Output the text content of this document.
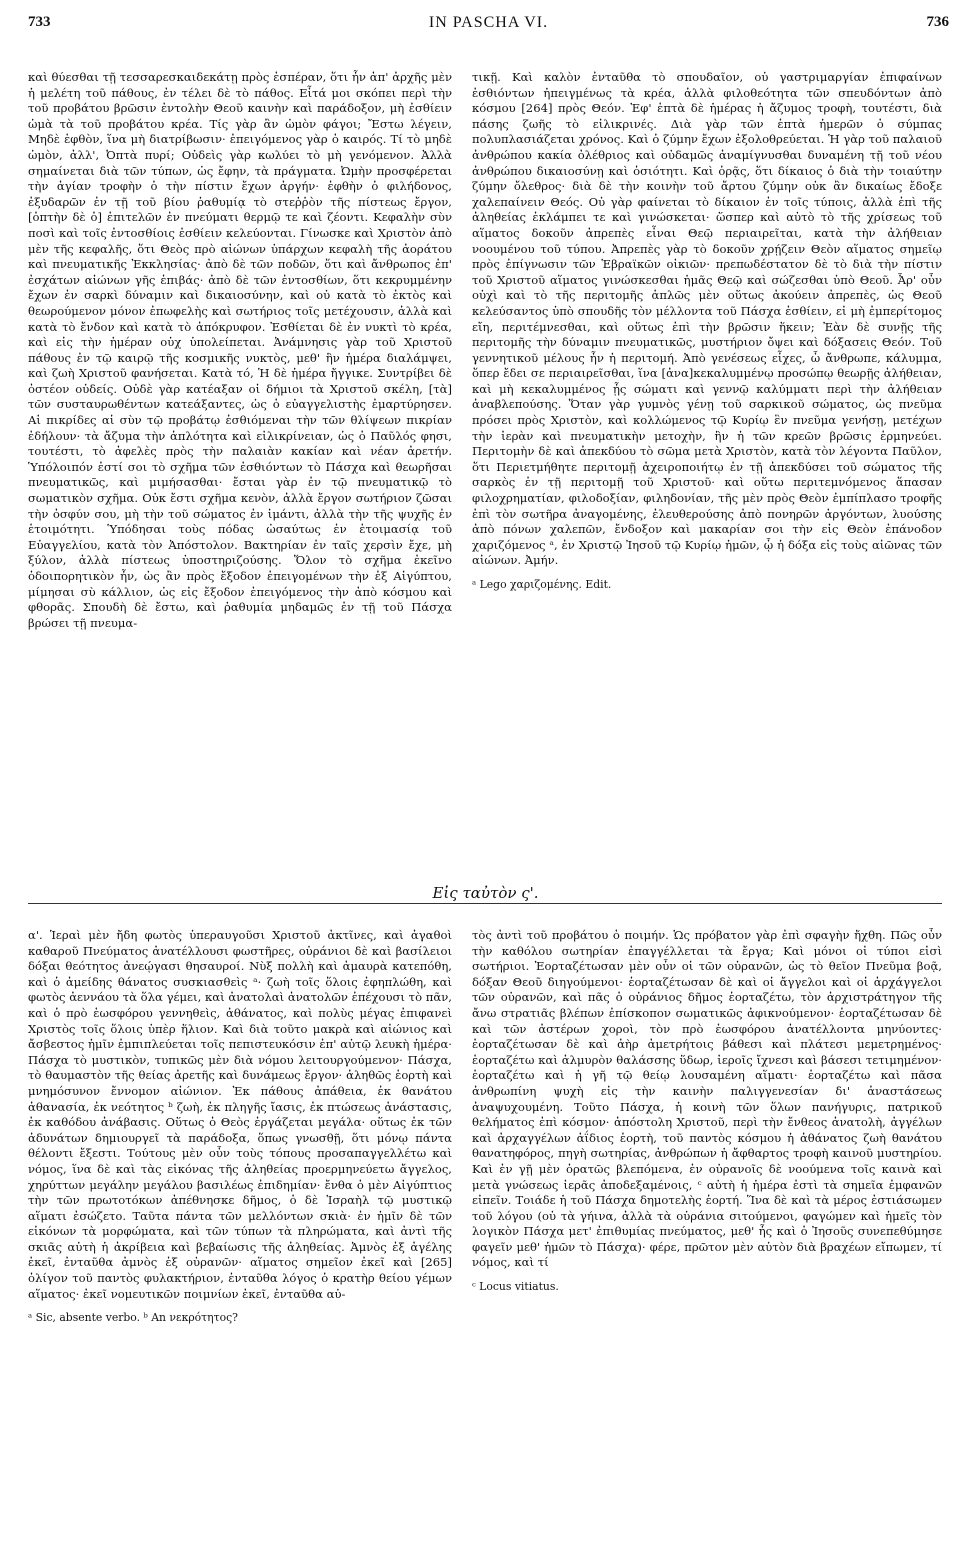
733	IN PASCHA VI.	736

καὶ θύεσθαι τῇ τεσσαρεσκαιδεκάτῃ πρὸς ἑσπέραν, ὅτι ἦν ἀπ' ἀρχῆς μὲν ἡ μελέτη τοῦ πάθους, ἐν τέλει δὲ τὸ πάθος. Εἶτά μοι σκόπει περὶ τὴν τοῦ προβάτου βρῶσιν ἐντολὴν Θεοῦ καινὴν καὶ παράδοξον, μὴ ἐσθίειν ὠμὰ τὰ τοῦ προβάτου κρέα. Τίς γὰρ ἂν ὠμὸν φάγοι; Ἔστω λέγειν, Μηδὲ ἑφθὸν, ἵνα μὴ διατρίβωσιν· ἐπειγόμενος γὰρ ὁ καιρός. Τί τὸ μηδὲ ὠμὸν, ἀλλ', Ὀπτὰ πυρί; Οὐδεὶς γὰρ κωλύει τὸ μὴ γενόμενον. Ἀλλὰ σημαίνεται διὰ τῶν τύπων, ὡς ἔφην, τὰ πράγματα. Ὠμὴν προσφέρεται τὴν ἁγίαν τροφὴν ὁ τὴν πίστιν ἔχων ἀργήν· ἑφθὴν ὁ φιλήδονος, ἐξυδαρῶν ἐν τῇ τοῦ βίου ῥαθυμίᾳ τὸ στεῤῥὸν τῆς πίστεως ἔργον, [ὀπτὴν δὲ ὁ] ἐπιτελῶν ἐν πνεύματι θερμῷ τε καὶ ζέοντι. Κεφαλὴν σὺν ποσὶ καὶ τοῖς ἐντοσθίοις ἐσθίειν κελεύονται. Γίνωσκε καὶ Χριστὸν ἀπὸ μὲν τῆς κεφαλῆς, ὅτι Θεὸς πρὸ αἰώνων ὑπάρχων κεφαλὴ τῆς ἀοράτου καὶ πνευματικῆς Ἐκκλησίας· ἀπὸ δὲ τῶν ποδῶν, ὅτι καὶ ἄνθρωπος ἐπ' ἐσχάτων αἰώνων γῆς ἐπιβάς· ἀπὸ δὲ τῶν ἐντοσθίων, ὅτι κεκρυμμένην ἔχων ἐν σαρκὶ δύναμιν καὶ δικαιοσύνην, καὶ οὐ κατὰ τὸ ἐκτὸς καὶ θεωρούμενον μόνον ἐπωφελὴς καὶ σωτήριος τοῖς μετέχουσιν, ἀλλὰ καὶ κατὰ τὸ ἔνδον καὶ κατὰ τὸ ἀπόκρυφον. Ἐσθίεται δὲ ἐν νυκτὶ τὸ κρέα, καὶ εἰς τὴν ἡμέραν οὐχ ὑπολείπεται. Ἀνάμνησις γὰρ τοῦ Χριστοῦ πάθους ἐν τῷ καιρῷ τῆς κοσμικῆς νυκτὸς, μεθ' ἣν ἡμέρα διαλάμψει, καὶ ζωὴ Χριστοῦ φανήσεται. Κατὰ τό, Ἡ δὲ ἡμέρα ἤγγικε. Συντρίβει δὲ ὀστέον οὐδείς. Οὐδὲ γὰρ κατέαξαν οἱ δήμιοι τὰ Χριστοῦ σκέλη, [τὰ] τῶν συσταυρωθέντων κατεάξαντες, ὡς ὁ εὐαγγελιστὴς ἐμαρτύρησεν. Αἱ πικρίδες αἱ σὺν τῷ προβάτῳ ἐσθιόμεναι τὴν τῶν θλίψεων πικρίαν ἐδήλουν· τὰ ἄζυμα τὴν ἁπλότητα καὶ εἰλικρίνειαν, ὡς ὁ Παῦλός φησι, τουτέστι, τὸ ἀφελὲς πρὸς τὴν παλαιὰν κακίαν καὶ νέαν ἀρετήν. Ὑπόλοιπόν ἐστί σοι τὸ σχῆμα τῶν ἐσθιόντων τὸ Πάσχα καὶ θεωρῆσαι πνευματικῶς, καὶ μιμήσασθαι· ἔσται γὰρ ἐν τῷ πνευματικῷ τὸ σωματικὸν σχῆμα. Οὐκ ἔστι σχῆμα κενὸν, ἀλλὰ ἔργον σωτήριον ζῶσαι τὴν ὀσφύν σου, μὴ τὴν τοῦ σώματος ἐν ἱμάντι, ἀλλὰ τὴν τῆς ψυχῆς ἐν ἑτοιμότητι. Ὑπόδησαι τοὺς πόδας ὡσαύτως ἐν ἑτοιμασίᾳ τοῦ Εὐαγγελίου, κατὰ τὸν Ἀπόστολον. Βακτηρίαν ἐν ταῖς χερσὶν ἔχε, μὴ ξύλον, ἀλλὰ πίστεως ὑποστηριζούσης. Ὅλον τὸ σχῆμα ἐκεῖνο ὁδοιπορητικὸν ἦν, ὡς ἂν πρὸς ἔξοδον ἐπειγομένων τὴν ἐξ Αἰγύπτου, μίμησαι σὺ κάλλιον, ὡς εἰς ἔξοδον ἐπειγόμενος τὴν ἀπὸ κόσμου καὶ φθορᾶς. Σπουδὴ δὲ ἔστω, καὶ ῥαθυμία μηδαμῶς ἐν τῇ τοῦ Πάσχα βρώσει τῇ πνευμα-

τικῇ. Καὶ καλὸν ἐνταῦθα τὸ σπουδαῖον, οὐ γαστριμαργίαν ἐπιφαίνων ἐσθιόντων ἠπειγμένως τὰ κρέα, ἀλλὰ φιλοθεότητα τῶν σπευδόντων ἀπὸ κόσμου [264] πρὸς Θεόν. Ἐφ' ἑπτὰ δὲ ἡμέρας ἡ ἄζυμος τροφὴ, τουτέστι, διὰ πάσης ζωῆς τὸ εἰλικρινές. Διὰ γὰρ τῶν ἑπτὰ ἡμερῶν ὁ σύμπας πολυπλασιάζεται χρόνος. Καὶ ὁ ζύμην ἔχων ἐξολοθρεύεται. Ἡ γὰρ τοῦ παλαιοῦ ἀνθρώπου κακία ὀλέθριος καὶ οὐδαμῶς ἀναμίγνυσθαι δυναμένη τῇ τοῦ νέου ἀνθρώπου δικαιοσύνῃ καὶ ὁσιότητι. Καὶ ὁρᾷς, ὅτι δίκαιος ὁ διὰ τὴν τοιαύτην ζύμην ὄλεθρος· διὰ δὲ τὴν κοινὴν τοῦ ἄρτου ζύμην οὐκ ἂν δικαίως ἔδοξε χαλεπαίνειν Θεός. Οὐ γὰρ φαίνεται τὸ δίκαιον ἐν τοῖς τύποις, ἀλλὰ ἐπὶ τῆς ἀληθείας ἐκλάμπει τε καὶ γινώσκεται· ὥσπερ καὶ αὐτὸ τὸ τῆς χρίσεως τοῦ αἵματος δοκοῦν ἀπρεπὲς εἶναι Θεῷ περιαιρεῖται, κατὰ τὴν ἀλήθειαν νοουμένου τοῦ τύπου. Ἀπρεπὲς γὰρ τὸ δοκοῦν χρῄζειν Θεὸν αἵματος σημεῖῳ πρὸς ἐπίγνωσιν τῶν Ἑβραϊκῶν οἰκιῶν· πρεπωδέστατον δὲ τὸ διὰ τὴν πίστιν τοῦ Χριστοῦ αἵματος γινώσκεσθαι ἡμᾶς Θεῷ καὶ σώζεσθαι ὑπὸ Θεοῦ. Ἆρ' οὖν οὐχὶ καὶ τὸ τῆς περιτομῆς ἁπλῶς μὲν οὕτως ἀκούειν ἀπρεπὲς, ὡς Θεοῦ κελεύσαντος ὑπὸ σπουδῆς τὸν μέλλοντα τοῦ Πάσχα ἐσθίειν, εἰ μὴ ἐμπερίτομος εἴη, περιτέμνεσθαι, καὶ οὕτως ἐπὶ τὴν βρῶσιν ἥκειν; Ἐὰν δὲ συνῇς τῆς περιτομῆς τὴν δύναμιν πνευματικῶς, μυστήριον ὄψει καὶ δόξασεις Θεόν. Τοῦ γεννητικοῦ μέλους ἦν ἡ περιτομή. Ἀπὸ γενέσεως εἶχες, ὦ ἄνθρωπε, κάλυμμα, ὅπερ ἔδει σε περιαιρεῖσθαι, ἵνα [ἀνα]κεκαλυμμένῳ προσώπῳ θεωρῇς ἀλήθειαν, καὶ μὴ κεκαλυμμένος ᾖς σώματι καὶ γεννῷ καλύμματι περὶ τὴν ἀλήθειαν ἀναβλεπούσης. Ὅταν γὰρ γυμνὸς γένῃ τοῦ σαρκικοῦ σώματος, ὡς πνεῦμα πρόσει πρὸς Χριστὸν, καὶ κολλώμενος τῷ Κυρίῳ ἓν πνεῦμα γενήσῃ, μετέχων τὴν ἱερὰν καὶ πνευματικὴν μετοχὴν, ἣν ἡ τῶν κρεῶν βρῶσις ἑρμηνεύει. Περιτομὴν δὲ καὶ ἀπεκδύου τὸ σῶμα μετὰ Χριστὸν, κατὰ τὸν λέγοντα Παῦλον, ὅτι Περιετμήθητε περιτομῇ ἀχειροποιήτῳ ἐν τῇ ἀπεκδύσει τοῦ σώματος τῆς σαρκὸς ἐν τῇ περιτομῇ τοῦ Χριστοῦ· καὶ οὕτω περιτεμνόμενος ἅπασαν φιλοχρηματίαν, φιλοδοξίαν, φιληδονίαν, τῆς μὲν πρὸς Θεὸν ἐμπίπλασο τροφῆς ἐπὶ τὸν σωτῆρα ἀναγομένης, ἐλευθερούσης ἀπὸ πονηρῶν ἀργόντων, λυούσης ἀπὸ πόνων χαλεπῶν, ἔνδοξον καὶ μακαρίαν σοι τὴν εἰς Θεὸν ἐπάνοδον χαριζόμενος ᵃ, ἐν Χριστῷ Ἰησοῦ τῷ Κυρίῳ ἡμῶν, ᾧ ἡ δόξα εἰς τοὺς αἰῶνας τῶν αἰώνων. Ἀμήν.

ᵃ Lego χαριζομένης. Edit.

Εἰς ταὐτὸν ς'.

α'. Ἱεραὶ μὲν ἤδη φωτὸς ὑπεραυγοῦσι Χριστοῦ ἀκτῖνες, καὶ ἀγαθοὶ καθαροῦ Πνεύματος ἀνατέλλουσι φωστῆρες, οὐράνιοι δὲ καὶ βασίλειοι δόξαι θεότητος ἀνεῴγασι θησαυροί. Νὺξ πολλὴ καὶ ἀμαυρὰ κατεπόθη, καὶ ὁ ἀμείδης θάνατος συσκιασθεὶς ᵃ· ζωὴ τοῖς ὅλοις ἐφηπλώθη, καὶ φωτὸς ἀεννάου τὰ ὅλα γέμει, καὶ ἀνατολαὶ ἀνατολῶν ἐπέχουσι τὸ πᾶν, καὶ ὁ πρὸ ἑωσφόρου γεννηθεὶς, ἀθάνατος, καὶ πολὺς μέγας ἐπιφανεὶ Χριστὸς τοῖς ὅλοις ὑπὲρ ἥλιον. Καὶ διὰ τοῦτο μακρὰ καὶ αἰώνιος καὶ ἄσβεστος ἡμῖν ἐμπιπλεύεται τοῖς πεπιστευκόσιν ἐπ' αὐτῷ λευκὴ ἡμέρα· Πάσχα τὸ μυστικὸν, τυπικῶς μὲν διὰ νόμου λειτουργούμενον· Πάσχα, τὸ θαυμαστὸν τῆς θείας ἀρετῆς καὶ δυνάμεως ἔργον· ἀληθῶς ἑορτὴ καὶ μνημόσυνον ἔννομον αἰώνιον. Ἐκ πάθους ἀπάθεια, ἐκ θανάτου ἀθανασία, ἐκ νεότητος ᵇ ζωὴ, ἐκ πληγῆς ἴασις, ἐκ πτώσεως ἀνάστασις, ἐκ καθόδου ἀνάβασις. Οὕτως ὁ Θεὸς ἐργάζεται μεγάλα· οὕτως ἐκ τῶν ἀδυνάτων δημιουργεῖ τὰ παράδοξα, ὅπως γνωσθῇ, ὅτι μόνῳ πάντα θέλοντι ἔξεστι. Τούτους μὲν οὖν τοὺς τόπους προσαπαγγελλέτω καὶ νόμος, ἵνα δὲ καὶ τὰς εἰκόνας τῆς ἀληθείας προερμηνεύετω ἄγγελος, χηρύττων μεγάλην μεγάλου βασιλέως ἐπιδημίαν· ἔνθα ὁ μὲν Αἰγύπτιος τὴν τῶν πρωτοτόκων ἀπέθνησκε δῆμος, ὁ δὲ Ἰσραὴλ τῷ μυστικῷ αἵματι ἐσώζετο. Ταῦτα πάντα τῶν μελλόντων σκιὰ· ἐν ἡμῖν δὲ τῶν εἰκόνων τὰ μορφώματα, καὶ τῶν τύπων τὰ πληρώματα, καὶ ἀντὶ τῆς σκιᾶς αὐτὴ ἡ ἀκρίβεια καὶ βεβαίωσις τῆς ἀληθείας. Ἀμνὸς ἐξ ἀγέλης ἐκεῖ, ἐνταῦθα ἀμνὸς ἐξ οὐρανῶν· αἵματος σημεῖον ἐκεῖ καὶ [265] ὀλίγον τοῦ παντὸς φυλακτήριον, ἐνταῦθα λόγος ὁ κρατὴρ θείου γέμων αἵματος· ἐκεῖ νομευτικῶν ποιμνίων ἐκεῖ, ἐνταῦθα αὐ-

ᵃ Sic, absente verbo. ᵇ An νεκρότητος?

τὸς ἀντὶ τοῦ προβάτου ὁ ποιμήν. Ὡς πρόβατον γὰρ ἐπὶ σφαγὴν ἤχθη. Πῶς οὖν τὴν καθόλου σωτηρίαν ἐπαγγέλλεται τὰ ἔργα; Καὶ μόνοι οἱ τύποι εἰσὶ σωτήριοι. Ἑορταζέτωσαν μὲν οὖν οἱ τῶν οὐρανῶν, ὡς τὸ θεῖον Πνεῦμα βοᾷ, δόξαν Θεοῦ διηγούμενοι· ἑορταζέτωσαν δὲ καὶ οἱ ἄγγελοι καὶ οἱ ἀρχάγγελοι τῶν οὐρανῶν, καὶ πᾶς ὁ οὐράνιος δῆμος ἑορταζέτω, τὸν ἀρχιστράτηγον τῆς ἄνω στρατιᾶς βλέπων ἐπίσκοπον σωματικῶς ἀφικνούμενον· ἑορταζέτωσαν δὲ καὶ τῶν ἀστέρων χοροὶ, τὸν πρὸ ἑωσφόρου ἀνατέλλοντα μηνύοντες· ἑορταζέτωσαν δὲ καὶ ἀὴρ ἀμετρήτοις βάθεσι καὶ πλάτεσι μεμετρημένος· ἑορταζέτω καὶ ἁλμυρὸν θαλάσσης ὕδωρ, ἱεροῖς ἴχνεσι καὶ βάσεσι τετιμημένον· ἑορταζέτω καὶ ἡ γῆ τῷ θείῳ λουσαμένη αἵματι· ἑορταζέτω καὶ πᾶσα ἀνθρωπίνη ψυχὴ εἰς τὴν καινὴν παλιγγενεσίαν δι' ἀναστάσεως ἀναψυχουμένη. Τοῦτο Πάσχα, ἡ κοινὴ τῶν ὅλων πανήγυρις, πατρικοῦ θελήματος ἐπὶ κόσμον· ἀπόστολη Χριστοῦ, περὶ τὴν ἔνθεος ἀνατολὴ, ἀγγέλων καὶ ἀρχαγγέλων ἀΐδιος ἑορτὴ, τοῦ παντὸς κόσμου ἡ ἀθάνατος ζωὴ θανάτου θανατηφόρος, πηγὴ σωτηρίας, ἀνθρώπων ἡ ἄφθαρτος τροφὴ καινοῦ μυστηρίου. Καὶ ἐν γῇ μὲν ὁρατῶς βλεπόμενα, ἐν οὐρανοῖς δὲ νοούμενα τοῖς καινὰ καὶ μετὰ γνώσεως ἱερᾶς ἀποδεξαμένοις, ᶜ αὐτὴ ἡ ἡμέρα ἐστὶ τὰ σημεῖα ἐμφανῶν εἰπεῖν. Τοιάδε ἡ τοῦ Πάσχα δημοτελὴς ἑορτή. Ἵνα δὲ καὶ τὰ μέρος ἐστιάσωμεν τοῦ λόγου (οὐ τὰ γήινα, ἀλλὰ τὰ οὐράνια σιτούμενοι, φαγώμεν καὶ ἡμεῖς τὸν λογικὸν Πάσχα μετ' ἐπιθυμίας πνεύματος, μεθ' ἧς καὶ ὁ Ἰησοῦς συνεπεθύμησε φαγεῖν μεθ' ἡμῶν τὸ Πάσχα)· φέρε, πρῶτον μὲν αὐτὸν διὰ βραχέων εἴπωμεν, τί νόμος, καὶ τί

ᶜ Locus vitiatus.
